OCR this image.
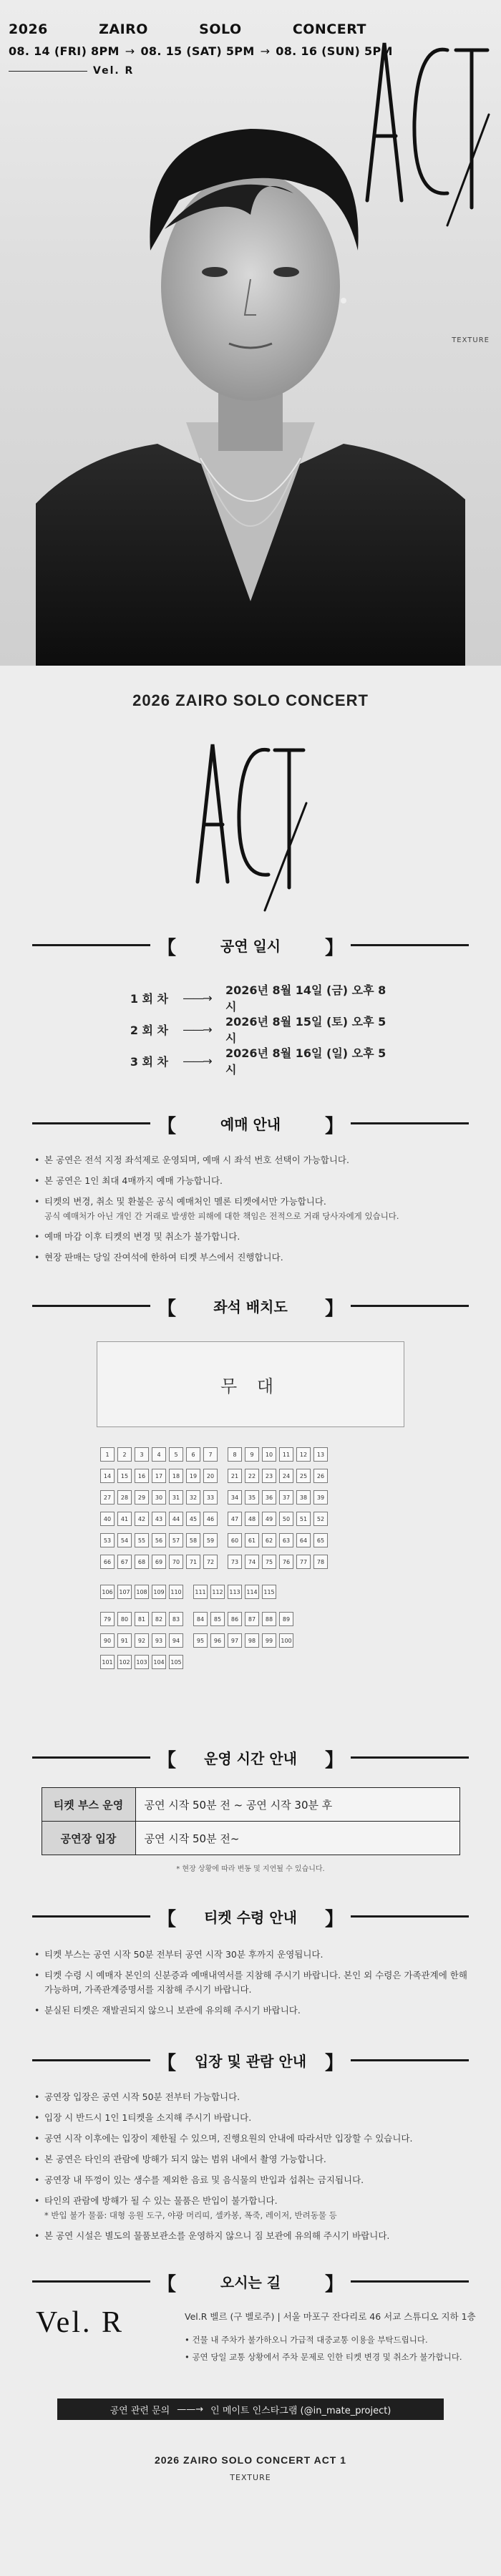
2026	ZAIRO	SOLO	CONCERT
08. 14 (FRI) 8PM → 08. 15 (SAT) 5PM → 08. 16 (SUN) 5PM
Vel. R
TEXTURE
2026 ZAIRO SOLO CONCERT
【	공연 일시	】
1 회 차	——→
2026년 8월 14일 (금) 오후 8시
2 회 차	——→
2026년 8월 15일 (토) 오후 5시
3 회 차	——→
2026년 8월 16일 (일) 오후 5시
【	예매 안내	】
• 본 공연은 전석 지정 좌석제로 운영되며, 예매 시 좌석 번호 선택이 가능합니다.
• 본 공연은 1인 최대 4매까지 예매 가능합니다.
• 티켓의 변경, 취소 및 환불은 공식 예매처인 멜론 티켓에서만 가능합니다.
공식 예매처가 아닌 개인 간 거래로 발생한 피해에 대한 책임은 전적으로 거래 당사자에게 있습니다.
• 예매 마감 이후 티켓의 변경 및 취소가 불가합니다.
• 현장 판매는 당일 잔여석에 한하여 티켓 부스에서 진행합니다.
【	좌석 배치도	】
무 대
1	2	3	4	5	6	7	8	9	10	11	12	13
14	15	16	17	18	19	20	21	22	23	24	25	26
27	28	29	30	31	32	33	34	35	36	37	38	39
40	41	42	43	44	45	46	47	48	49	50	51	52
53	54	55	56	57	58	59	60	61	62	63	64	65
66	67	68	69	70	71	72	73	74	75	76	77	78
106 107 108 109 110 111 112 113 114 115
79	80	81	82	83	84	85	86	87	88	89
90	91	92	93	94	95	96	97	98	99	100
101 102 103 104 105
【	운영 시간 안내	】
티켓 부스 운영	공연 시작 50분 전 ~ 공연 시작 30분 후
공연장 입장	공연 시작 50분 전~
* 현장 상황에 따라 변동 및 지연될 수 있습니다.
【	티켓 수령 안내	】
• 티켓 부스는 공연 시작 50분 전부터 공연 시작 30분 후까지 운영됩니다.
• 티켓 수령 시 예매자 본인의 신분증과 예매내역서를 지참해 주시기 바랍니다. 본인 외 수령은 가족관계에 한해 가능하며, 가족관계증명서를 지참해 주시기 바랍니다.
• 분실된 티켓은 재발권되지 않으니 보관에 유의해 주시기 바랍니다.
【	입장 및 관람 안내 】
• 공연장 입장은 공연 시작 50분 전부터 가능합니다.
• 입장 시 반드시 1인 1티켓을 소지해 주시기 바랍니다.
• 공연 시작 이후에는 입장이 제한될 수 있으며, 진행요원의 안내에 따라서만 입장할 수 있습니다.
• 본 공연은 타인의 관람에 방해가 되지 않는 범위 내에서 촬영 가능합니다.
• 공연장 내 뚜껑이 있는 생수를 제외한 음료 및 음식물의 반입과 섭취는 금지됩니다.
• 타인의 관람에 방해가 될 수 있는 물품은 반입이 불가합니다.
* 반입 불가 물품: 대형 응원 도구, 야광 머리띠, 셀카봉, 폭죽, 레이저, 반려동물 등
• 본 공연 시설은 별도의 물품보관소를 운영하지 않으니 짐 보관에 유의해 주시기 바랍니다.
【	오시는 길	】
Vel. R	Vel.R 벨르 (구 벨로주) | 서울 마포구 잔다리로 46 서교 스튜디오 지하 1층
• 건물 내 주차가 불가하오니 가급적 대중교통 이용을 부탁드립니다.
• 공연 당일 교통 상황에서 주차 문제로 인한 티켓 변경 및 취소가 불가합니다.
공연 관련 문의 ——→ 인 메이트 인스타그램 (@in_mate_project)
2026 ZAIRO SOLO CONCERT ACT 1
TEXTURE
